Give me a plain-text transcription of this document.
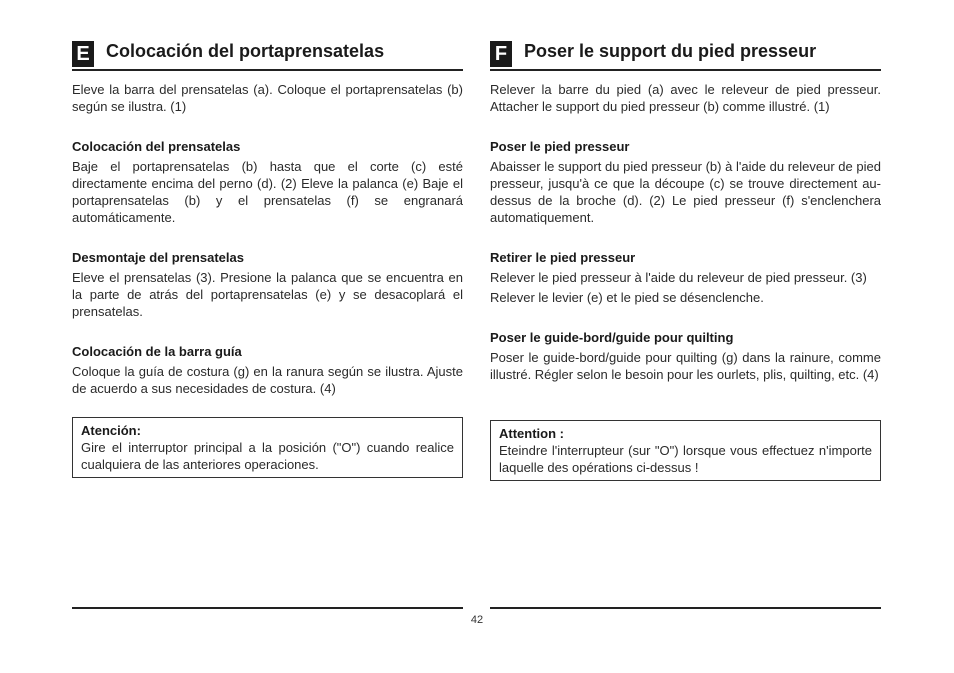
E Colocación del portaprensatelas

Eleve la barra del prensatelas (a). Coloque el portaprensatelas (b) según se ilustra. (1)

Colocación del prensatelas

Baje el portaprensatelas (b) hasta que el corte (c) esté directamente encima del perno (d). (2) Eleve la palanca (e) Baje el portaprensatelas (b) y el prensatelas (f) se engranará automáticamente.

Desmontaje del prensatelas

Eleve el prensatelas (3). Presione la palanca que se encuentra en la parte de atrás del portaprensatelas (e) y se desacoplará el prensatelas.

Colocación de la barra guía

Coloque la guía de costura (g) en la ranura según se ilustra. Ajuste de acuerdo a sus necesidades de costura. (4)

Atención:
Gire el interruptor principal a la posición ("O") cuando realice cualquiera de las anteriores operaciones.
F Poser le support du pied presseur

Relever la barre du pied (a) avec le releveur de pied presseur. Attacher le support du pied presseur (b) comme illustré. (1)

Poser le pied presseur

Abaisser le support du pied presseur (b) à l'aide du releveur de pied presseur, jusqu'à ce que la découpe (c) se trouve directement au-dessus de la broche (d). (2) Le pied presseur (f) s'enclenchera automatiquement.

Retirer le pied presseur

Relever le pied presseur à l'aide du releveur de pied presseur. (3)

Relever le levier (e) et le pied se désenclenche.

Poser le guide-bord/guide pour quilting

Poser le guide-bord/guide pour quilting (g) dans la rainure, comme illustré. Régler selon le besoin pour les ourlets, plis, quilting, etc. (4)

Attention :
Eteindre l'interrupteur (sur "O") lorsque vous effectuez n'importe laquelle des opérations ci-dessus !
42
